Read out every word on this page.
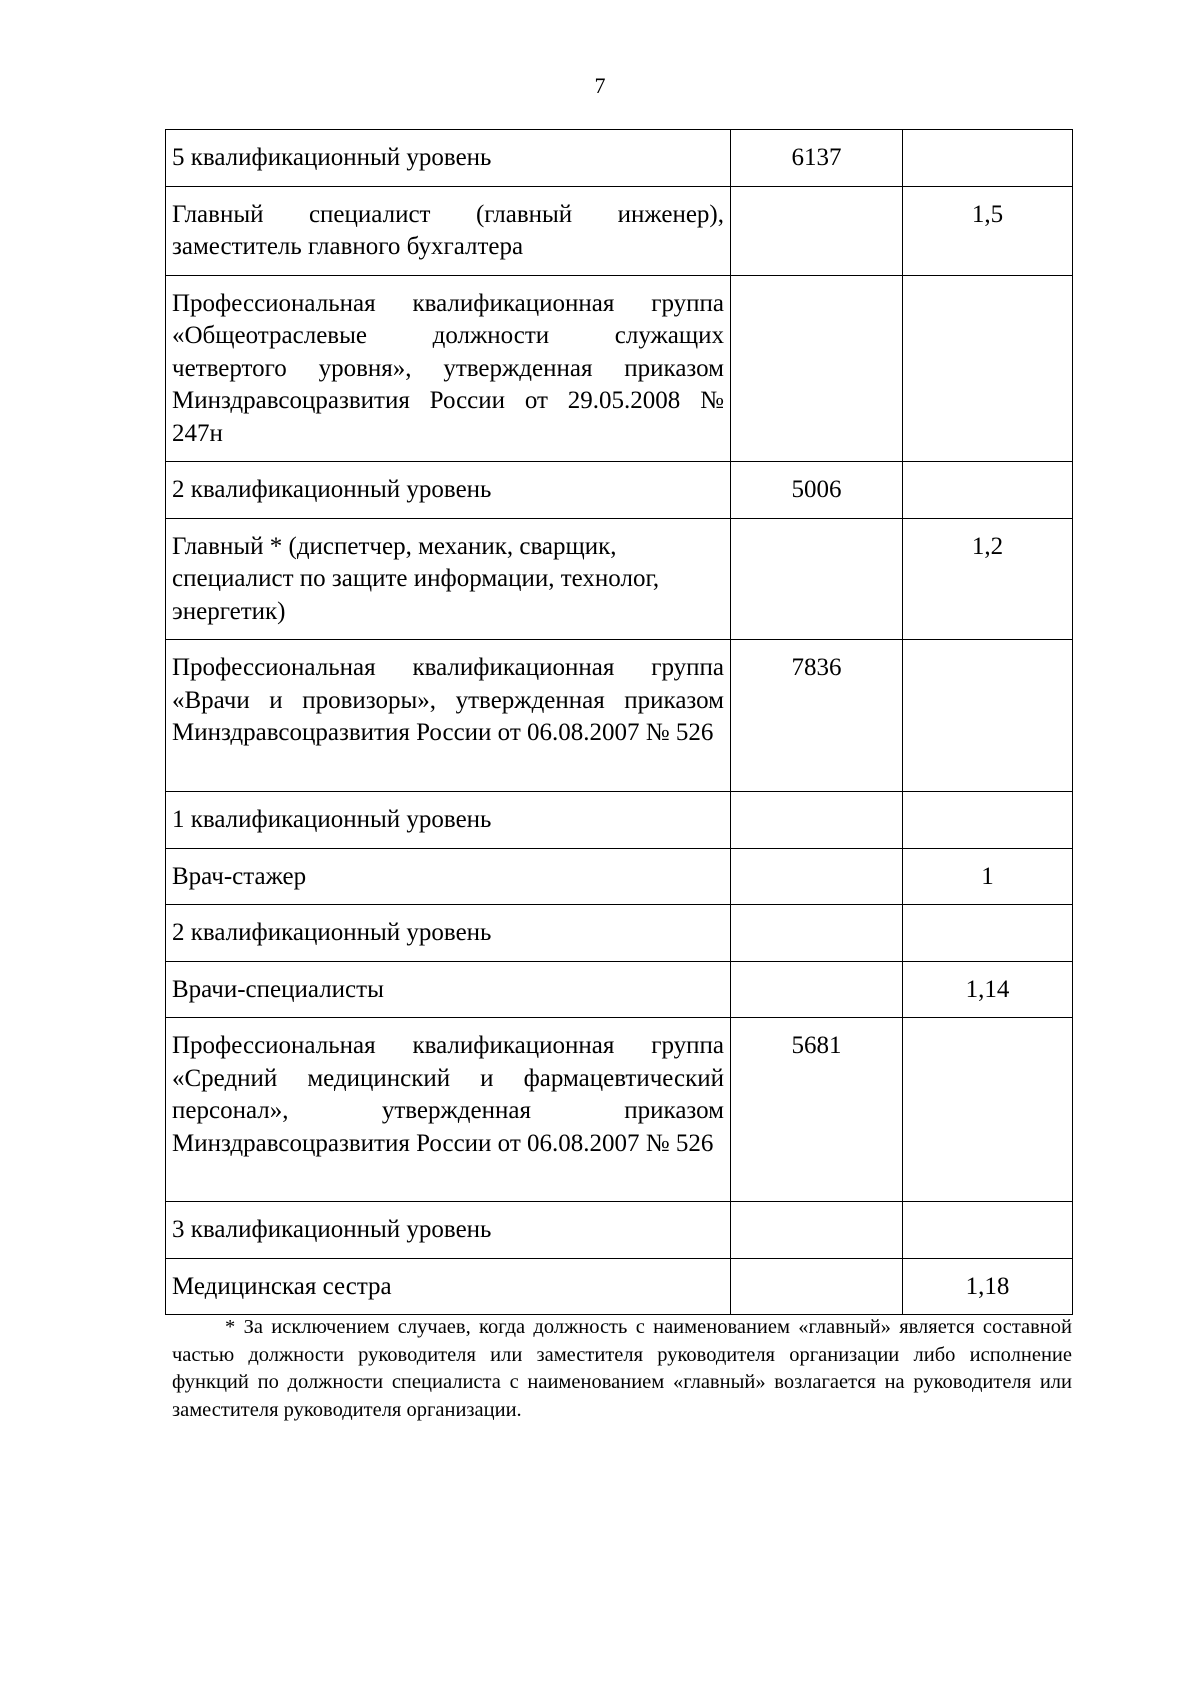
7
5 квалификационный уровень	6137	
Главный специалист (главный инженер), заместитель главного бухгалтера		1,5
Профессиональная квалификационная группа «Общеотраслевые должности служащих четвертого уровня», утвержденная приказом Минздравсоцразвития России от 29.05.2008 № 247н		
2 квалификационный уровень	5006	
Главный * (диспетчер, механик, сварщик, специалист по защите информации, технолог, энергетик)		1,2
Профессиональная квалификационная группа «Врачи и провизоры», утвержденная приказом Минздравсоцразвития России от 06.08.2007 № 526	7836	
1 квалификационный уровень		
Врач-стажер		1
2 квалификационный уровень		
Врачи-специалисты		1,14
Профессиональная квалификационная группа «Средний медицинский и фармацевтический персонал», утвержденная приказом Минздравсоцразвития России от 06.08.2007 № 526	5681	
3 квалификационный уровень		
Медицинская сестра		1,18

* За исключением случаев, когда должность с наименованием «главный» является составной частью должности руководителя или заместителя руководителя организации либо исполнение функций по должности специалиста с наименованием «главный» возлагается на руководителя или заместителя руководителя организации.
